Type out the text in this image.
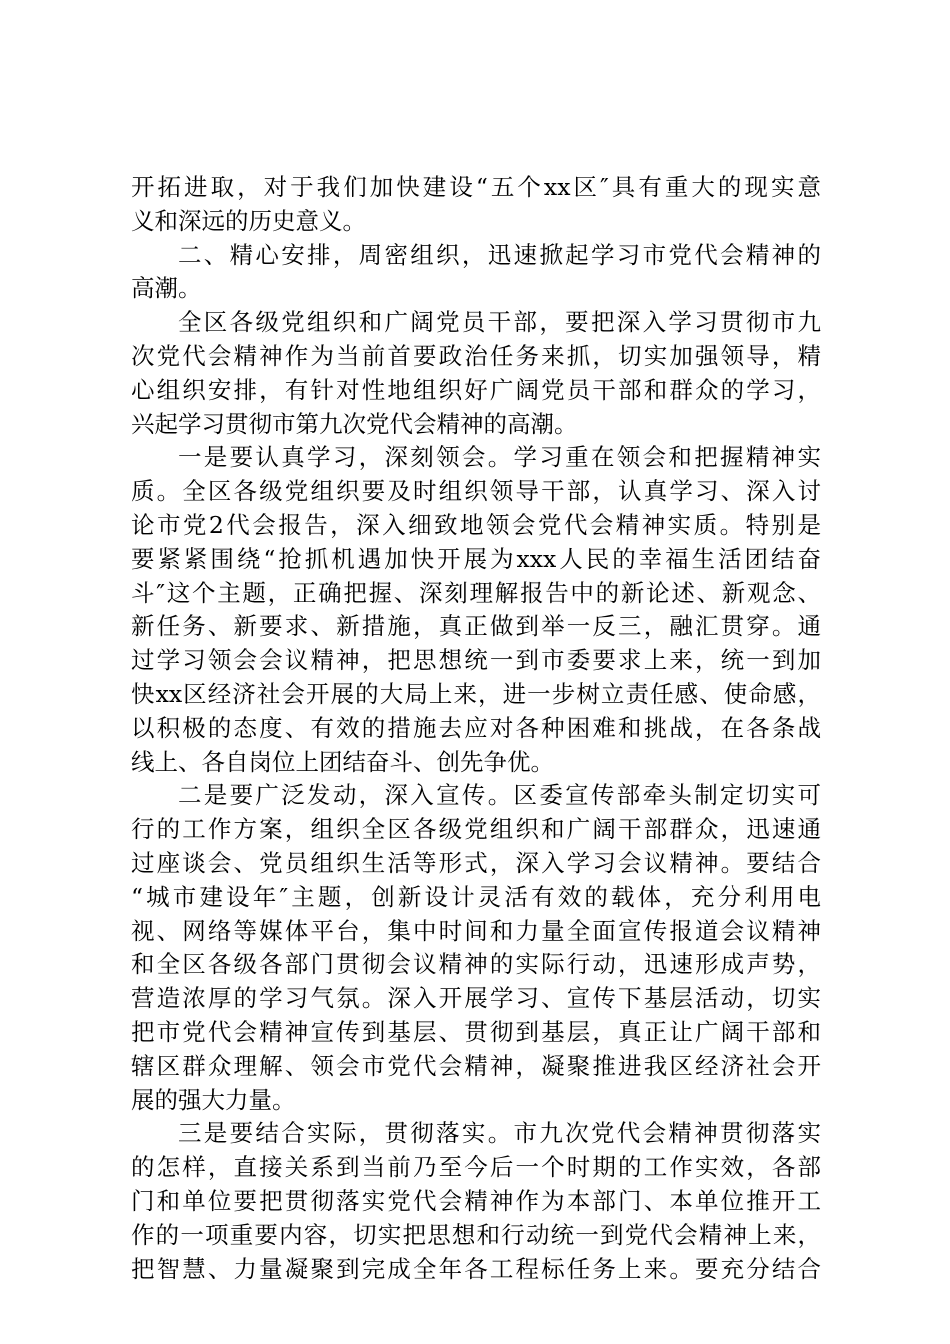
开拓进取，对于我们加快建设“五个xx区″具有重大的现实意
义和深远的历史意义。
二、精心安排，周密组织，迅速掀起学习市党代会精神的
高潮。
全区各级党组织和广阔党员干部，要把深入学习贯彻市九
次党代会精神作为当前首要政治任务来抓，切实加强领导，精
心组织安排，有针对性地组织好广阔党员干部和群众的学习，
兴起学习贯彻市第九次党代会精神的高潮。
一是要认真学习，深刻领会。学习重在领会和把握精神实
质。全区各级党组织要及时组织领导干部，认真学习、深入讨
论市党2代会报告，深入细致地领会党代会精神实质。特别是
要紧紧围绕“抢抓机遇加快开展为xxx人民的幸福生活团结奋
斗″这个主题，正确把握、深刻理解报告中的新论述、新观念、
新任务、新要求、新措施，真正做到举一反三，融汇贯穿。通
过学习领会会议精神，把思想统一到市委要求上来，统一到加
快xx区经济社会开展的大局上来，进一步树立责任感、使命感，
以积极的态度、有效的措施去应对各种困难和挑战，在各条战
线上、各自岗位上团结奋斗、创先争优。
二是要广泛发动，深入宣传。区委宣传部牵头制定切实可
行的工作方案，组织全区各级党组织和广阔干部群众，迅速通
过座谈会、党员组织生活等形式，深入学习会议精神。要结合
“城市建设年″主题，创新设计灵活有效的载体，充分利用电
视、网络等媒体平台，集中时间和力量全面宣传报道会议精神
和全区各级各部门贯彻会议精神的实际行动，迅速形成声势，
营造浓厚的学习气氛。深入开展学习、宣传下基层活动，切实
把市党代会精神宣传到基层、贯彻到基层，真正让广阔干部和
辖区群众理解、领会市党代会精神，凝聚推进我区经济社会开
展的强大力量。
三是要结合实际，贯彻落实。市九次党代会精神贯彻落实
的怎样，直接关系到当前乃至今后一个时期的工作实效，各部
门和单位要把贯彻落实党代会精神作为本部门、本单位推开工
作的一项重要内容，切实把思想和行动统一到党代会精神上来，
把智慧、力量凝聚到完成全年各工程标任务上来。要充分结合
